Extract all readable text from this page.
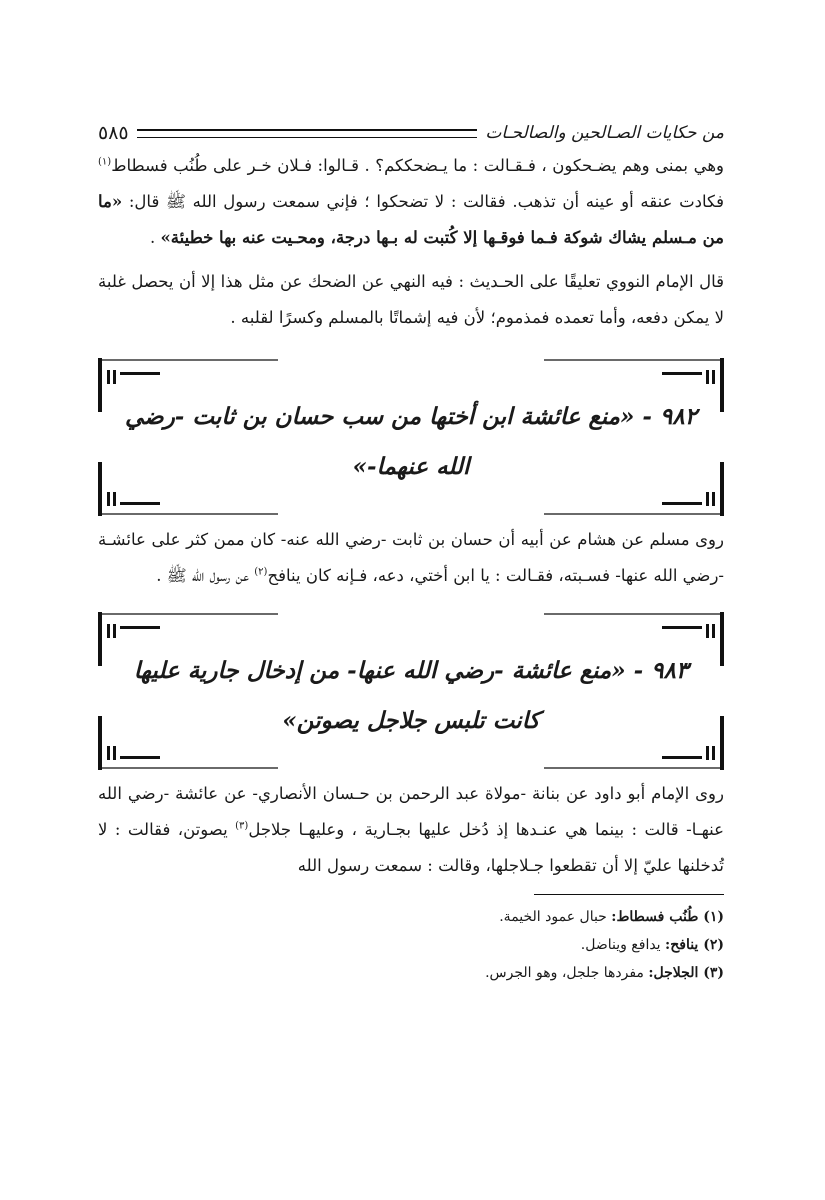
من حكايات الصـالحين والصالحـات
٥٨٥

وهي بمنى وهم يضـحكون ، فـقـالت : ما يـضحككم؟ . قـالوا: فـلان خـر على طُنُب فسطاط$^{(١)}$ فكادت عنقه أو عينه أن تذهب. فقالت : لا تضحكوا ؛ فإني سمعت رسول الله ﷺ قال: «ما من مـسلم يشاك شوكة فـما فوقـها إلا كُتبت له بـها درجة، ومحـيت عنه بها خطيئة» .

قال الإمام النووي تعليقًا على الحـديث : فيه النهي عن الضحك عن مثل هذا إلا أن يحصل غلبة لا يمكن دفعه، وأما تعمده فمذموم؛ لأن فيه إشماتًا بالمسلم وكسرًا لقلبه .

٩٨٢ - «منع عائشة ابن أختها من سب حسان بن ثابت -رضي الله عنهما-»

روى مسلم عن هشام عن أبيه أن حسان بن ثابت -رضي الله عنه- كان ممن كثر على عائشـة -رضي الله عنها- فسـبته، فقـالت : يا ابن أختي، دعه، فـإنه كان ينافح$^{(٢)}$ عن رسول الله ﷺ .

٩٨٣ - «منع عائشة -رضي الله عنها- من إدخال جارية عليها كانت تلبس جلاجل يصوتن»

روى الإمام أبو داود عن بنانة -مولاة عبد الرحمن بن حـسان الأنصاري- عن عائشة -رضي الله عنهـا- قالت : بينما هي عنـدها إذ دُخل عليها بجـارية ، وعليهـا جلاجل$^{(٣)}$ يصوتن، فقالت : لا تُدخلنها عليّ إلا أن تقطعوا جـلاجلها، وقالت : سمعت رسول الله

(١) طُنُب فسطاط: حبال عمود الخيمة.

(٢) ينافح: يدافع ويناضل.

(٣) الجلاجل: مفردها جلجل، وهو الجرس.
